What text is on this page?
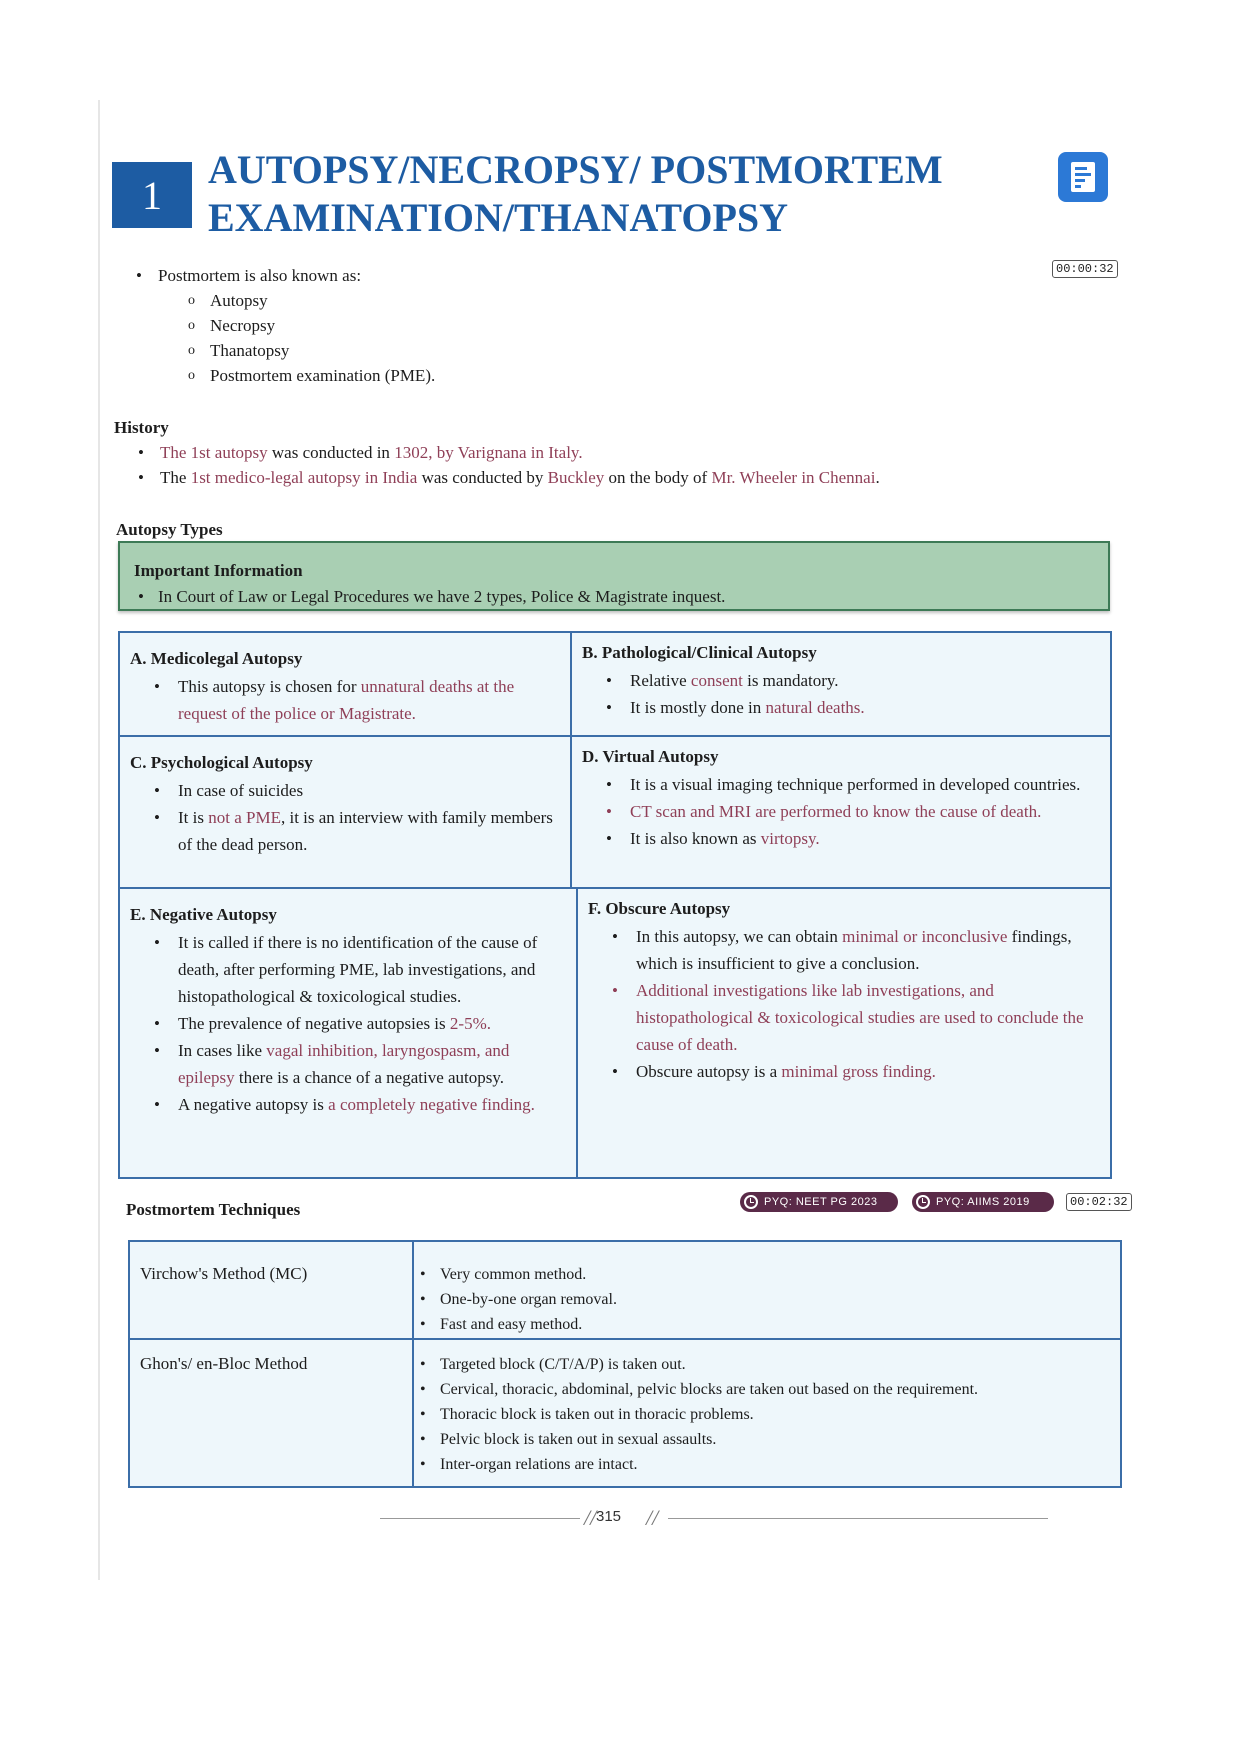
1
AUTOPSY/NECROPSY/ POSTMORTEM
EXAMINATION/THANATOPSY
00:00:32
• Postmortem is also known as:
o Autopsy
o Necropsy
o Thanatopsy
o Postmortem examination (PME).
History
• The 1st autopsy was conducted in 1302, by Varignana in Italy.
• The 1st medico-legal autopsy in India was conducted by Buckley on the body of Mr. Wheeler in Chennai.
Autopsy Types
Important Information
• In Court of Law or Legal Procedures we have 2 types, Police & Magistrate inquest.
A. Medicolegal Autopsy
• This autopsy is chosen for unnatural deaths at the request of the police or Magistrate.
B. Pathological/Clinical Autopsy
• Relative consent is mandatory.
• It is mostly done in natural deaths.
C. Psychological Autopsy
• In case of suicides
• It is not a PME, it is an interview with family members of the dead person.
D. Virtual Autopsy
• It is a visual imaging technique performed in developed countries.
• CT scan and MRI are performed to know the cause of death.
• It is also known as virtopsy.
E. Negative Autopsy
• It is called if there is no identification of the cause of death, after performing PME, lab investigations, and histopathological & toxicological studies.
• The prevalence of negative autopsies is 2-5%.
• In cases like vagal inhibition, laryngospasm, and epilepsy there is a chance of a negative autopsy.
• A negative autopsy is a completely negative finding.
F. Obscure Autopsy
• In this autopsy, we can obtain minimal or inconclusive findings, which is insufficient to give a conclusion.
• Additional investigations like lab investigations, and histopathological & toxicological studies are used to conclude the cause of death.
• Obscure autopsy is a minimal gross finding.
Postmortem Techniques	PYQ: NEET PG 2023	PYQ: AIIMS 2019	00:02:32
Virchow's Method (MC)	• Very common method.
• One-by-one organ removal.
• Fast and easy method.
Ghon's/ en-Bloc Method	• Targeted block (C/T/A/P) is taken out.
• Cervical, thoracic, abdominal, pelvic blocks are taken out based on the requirement.
• Thoracic block is taken out in thoracic problems.
• Pelvic block is taken out in sexual assaults.
• Inter-organ relations are intact.
// 315 //
